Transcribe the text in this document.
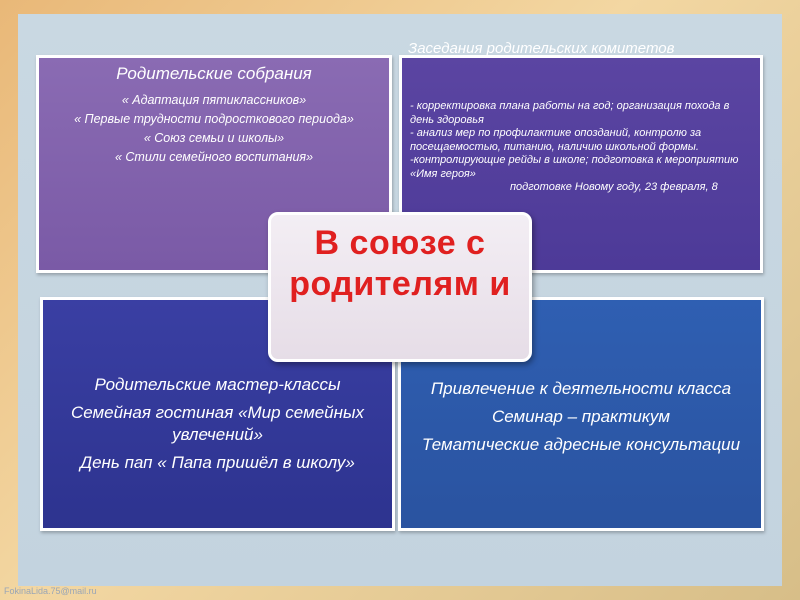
Родительские собрания
« Адаптация пятиклассников»
« Первые трудности подросткового периода»
« Союз семьи и школы»
« Стили семейного воспитания»
- корректировка плана работы на год; организация похода в день здоровья
- анализ мер по профилактике опозданий, контролю за посещаемостью, питанию, наличию школьной формы.
-контролирующие рейды в школе; подготовка к мероприятию «Имя героя»
подготовке Новому году, 23 февраля, 8
Заседания родительских комитетов
Родительские мастер-классы
Семейная гостиная «Мир семейных увлечений»
День пап « Папа пришёл в школу»
Привлечение к деятельности класса
Семинар – практикум
Тематические адресные консультации
В союзе с родителям и
FokinaLida.75@mail.ru
